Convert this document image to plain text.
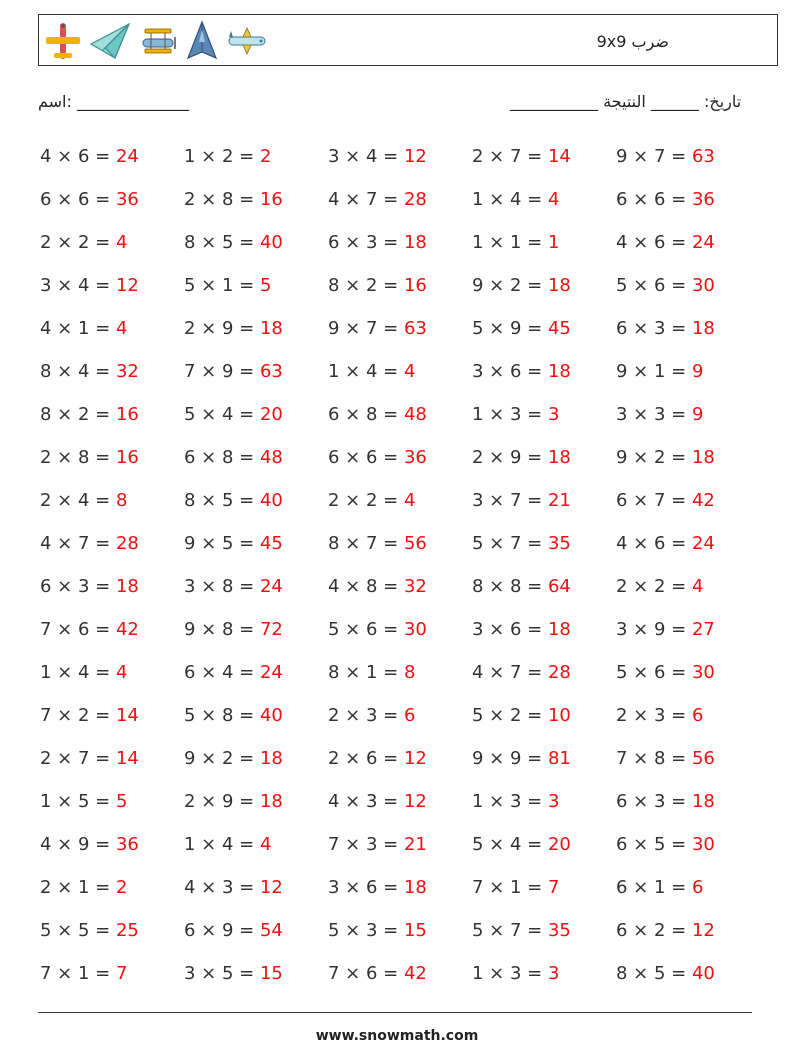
ضرب 9x9
اسم: ______________	تاريخ: ______ النتيجة ___________
4 × 6 = 24	1 × 2 = 2	3 × 4 = 12	2 × 7 = 14	9 × 7 = 63
6 × 6 = 36	2 × 8 = 16	4 × 7 = 28	1 × 4 = 4	6 × 6 = 36
2 × 2 = 4	8 × 5 = 40	6 × 3 = 18	1 × 1 = 1	4 × 6 = 24
3 × 4 = 12	5 × 1 = 5	8 × 2 = 16	9 × 2 = 18	5 × 6 = 30
4 × 1 = 4	2 × 9 = 18	9 × 7 = 63	5 × 9 = 45	6 × 3 = 18
8 × 4 = 32	7 × 9 = 63	1 × 4 = 4	3 × 6 = 18	9 × 1 = 9
8 × 2 = 16	5 × 4 = 20	6 × 8 = 48	1 × 3 = 3	3 × 3 = 9
2 × 8 = 16	6 × 8 = 48	6 × 6 = 36	2 × 9 = 18	9 × 2 = 18
2 × 4 = 8	8 × 5 = 40	2 × 2 = 4	3 × 7 = 21	6 × 7 = 42
4 × 7 = 28	9 × 5 = 45	8 × 7 = 56	5 × 7 = 35	4 × 6 = 24
6 × 3 = 18	3 × 8 = 24	4 × 8 = 32	8 × 8 = 64	2 × 2 = 4
7 × 6 = 42	9 × 8 = 72	5 × 6 = 30	3 × 6 = 18	3 × 9 = 27
1 × 4 = 4	6 × 4 = 24	8 × 1 = 8	4 × 7 = 28	5 × 6 = 30
7 × 2 = 14	5 × 8 = 40	2 × 3 = 6	5 × 2 = 10	2 × 3 = 6
2 × 7 = 14	9 × 2 = 18	2 × 6 = 12	9 × 9 = 81	7 × 8 = 56
1 × 5 = 5	2 × 9 = 18	4 × 3 = 12	1 × 3 = 3	6 × 3 = 18
4 × 9 = 36	1 × 4 = 4	7 × 3 = 21	5 × 4 = 20	6 × 5 = 30
2 × 1 = 2	4 × 3 = 12	3 × 6 = 18	7 × 1 = 7	6 × 1 = 6
5 × 5 = 25	6 × 9 = 54	5 × 3 = 15	5 × 7 = 35	6 × 2 = 12
7 × 1 = 7	3 × 5 = 15	7 × 6 = 42	1 × 3 = 3	8 × 5 = 40
www.snowmath.com
